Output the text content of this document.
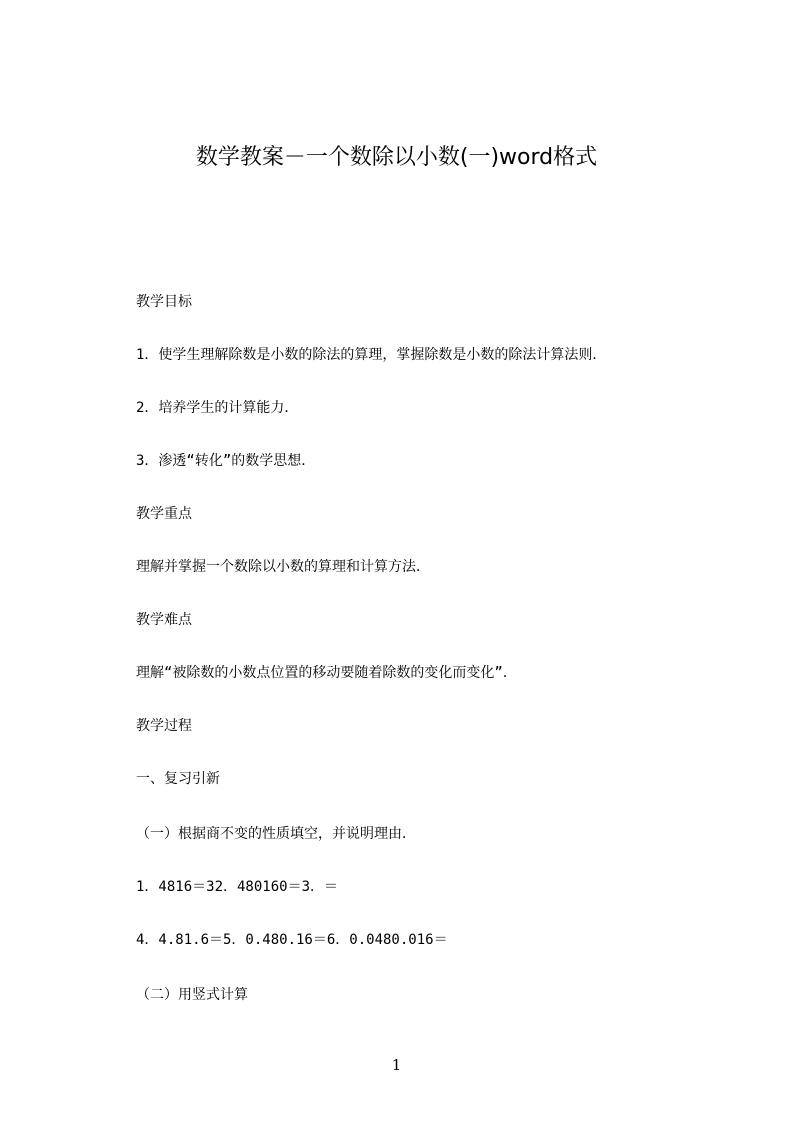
数学教案－一个数除以小数(一)word格式
教学目标
1．使学生理解除数是小数的除法的算理，掌握除数是小数的除法计算法则．
2．培养学生的计算能力．
3．渗透“转化”的数学思想．
教学重点
理解并掌握一个数除以小数的算理和计算方法．
教学难点
理解“被除数的小数点位置的移动要随着除数的变化而变化”．
教学过程
一、复习引新
（一）根据商不变的性质填空，并说明理由．
1．4816＝32．480160＝3．＝
4．4.81.6＝5．0.480.16＝6．0.0480.016＝
（二）用竖式计算
1
